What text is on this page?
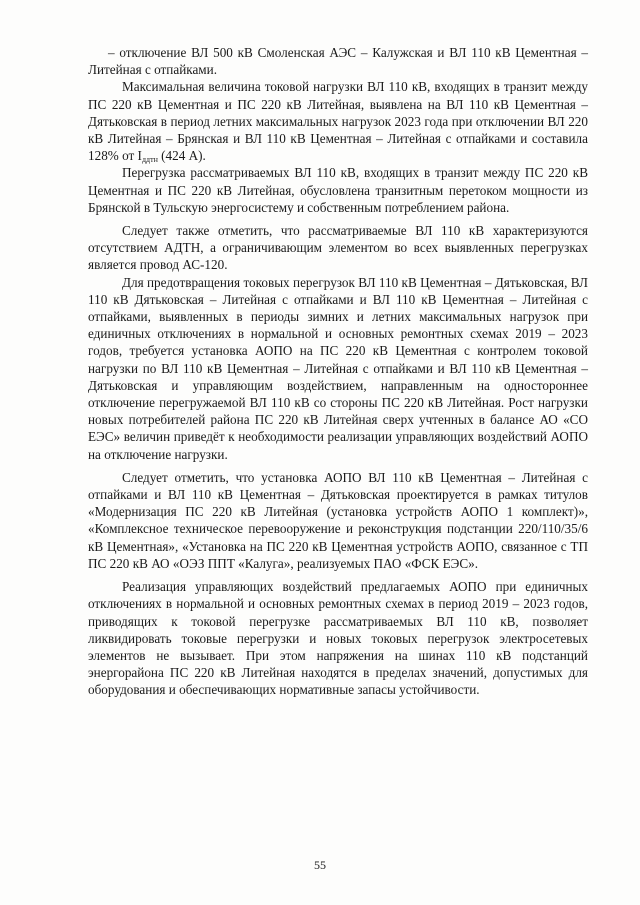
– отключение ВЛ 500 кВ Смоленская АЭС – Калужская и ВЛ 110 кВ Цементная – Литейная с отпайками.

Максимальная величина токовой нагрузки ВЛ 110 кВ, входящих в транзит между ПС 220 кВ Цементная и ПС 220 кВ Литейная, выявлена на ВЛ 110 кВ Цементная – Дятьковская в период летних максимальных нагрузок 2023 года при отключении ВЛ 220 кВ Литейная – Брянская и ВЛ 110 кВ Цементная – Литейная с отпайками и составила 128% от $I_{ддтн}$ (424 А).

Перегрузка рассматриваемых ВЛ 110 кВ, входящих в транзит между ПС 220 кВ Цементная и ПС 220 кВ Литейная, обусловлена транзитным перетоком мощности из Брянской в Тульскую энергосистему и собственным потреблением района.

Следует также отметить, что рассматриваемые ВЛ 110 кВ характеризуются отсутствием АДТН, а ограничивающим элементом во всех выявленных перегрузках является провод АС-120.

Для предотвращения токовых перегрузок ВЛ 110 кВ Цементная – Дятьковская, ВЛ 110 кВ Дятьковская – Литейная с отпайками и ВЛ 110 кВ Цементная – Литейная с отпайками, выявленных в периоды зимних и летних максимальных нагрузок при единичных отключениях в нормальной и основных ремонтных схемах 2019 – 2023 годов, требуется установка АОПО на ПС 220 кВ Цементная с контролем токовой нагрузки по ВЛ 110 кВ Цементная – Литейная с отпайками и ВЛ 110 кВ Цементная – Дятьковская и управляющим воздействием, направленным на одностороннее отключение перегружаемой ВЛ 110 кВ со стороны ПС 220 кВ Литейная. Рост нагрузки новых потребителей района ПС 220 кВ Литейная сверх учтенных в балансе АО «СО ЕЭС» величин приведёт к необходимости реализации управляющих воздействий АОПО на отключение нагрузки.

Следует отметить, что установка АОПО ВЛ 110 кВ Цементная – Литейная с отпайками и ВЛ 110 кВ Цементная – Дятьковская проектируется в рамках титулов «Модернизация ПС 220 кВ Литейная (установка устройств АОПО 1 комплект)», «Комплексное техническое перевооружение и реконструкция подстанции 220/110/35/6 кВ Цементная», «Установка на ПС 220 кВ Цементная устройств АОПО, связанное с ТП ПС 220 кВ АО «ОЭЗ ППТ «Калуга», реализуемых ПАО «ФСК ЕЭС».

Реализация управляющих воздействий предлагаемых АОПО при единичных отключениях в нормальной и основных ремонтных схемах в период 2019 – 2023 годов, приводящих к токовой перегрузке рассматриваемых ВЛ 110 кВ, позволяет ликвидировать токовые перегрузки и новых токовых перегрузок электросетевых элементов не вызывает. При этом напряжения на шинах 110 кВ подстанций энергорайона ПС 220 кВ Литейная находятся в пределах значений, допустимых для оборудования и обеспечивающих нормативные запасы устойчивости.

55
